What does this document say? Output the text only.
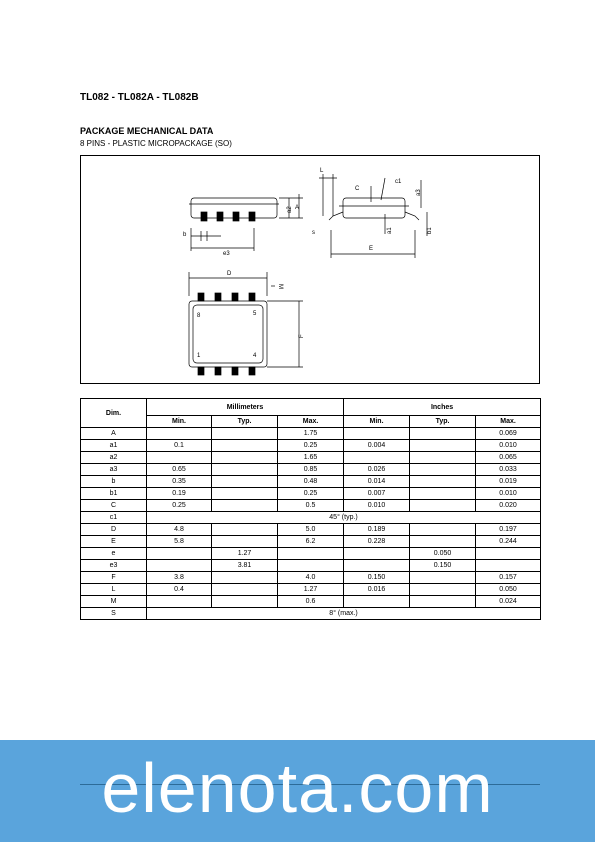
TL082 - TL082A - TL082B
PACKAGE MECHANICAL DATA
8 PINS - PLASTIC MICROPACKAGE (SO)
a2 A
b
e3
L
C
c1
a3
s	a1	b1
E
D
M
F
8	5
1	4
Dim.	Millimeters			Inches		
	Min.	Typ.	Max.	Min.	Typ.	Max.
A			1.75			0.069
a1	0.1		0.25	0.004		0.010
a2			1.65			0.065
a3	0.65		0.85	0.026		0.033
b	0.35		0.48	0.014		0.019
b1	0.19		0.25	0.007		0.010
C	0.25		0.5	0.010		0.020
c1	45° (typ.)					
D	4.8		5.0	0.189		0.197
E	5.8		6.2	0.228		0.244
e		1.27			0.050	
e3		3.81			0.150	
F	3.8		4.0	0.150		0.157
L	0.4		1.27	0.016		0.050
M			0.6			0.024
S	8° (max.)					
elenota.com
